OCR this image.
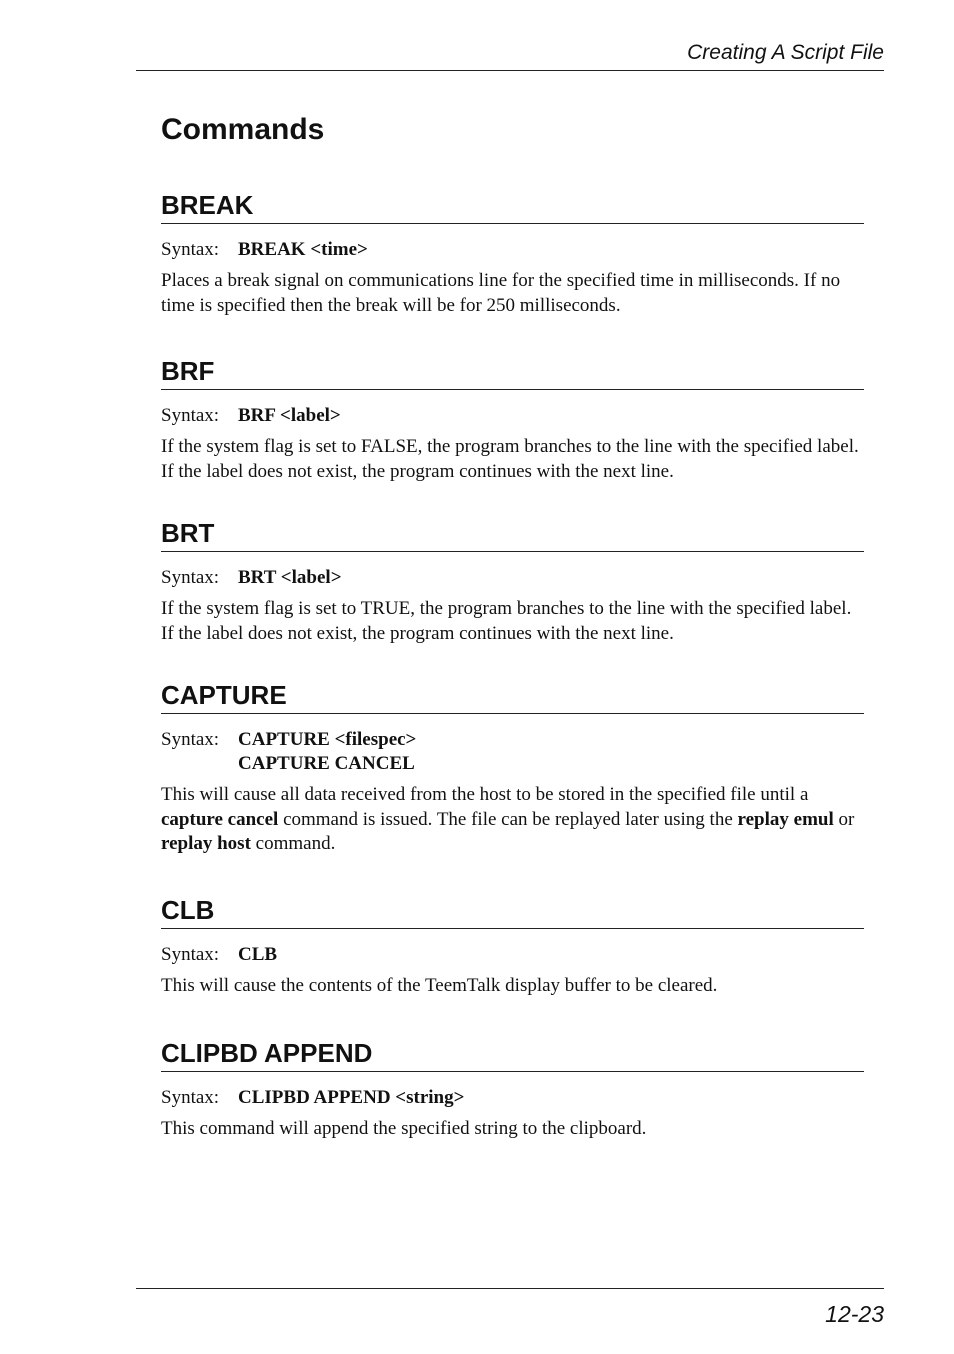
Creating A Script File
Commands
BREAK
Syntax: BREAK <time>

Places a break signal on communications line for the specified time in milliseconds. If no time is specified then the break will be for 250 milliseconds.

BRF
Syntax: BRF <label>

If the system flag is set to FALSE, the program branches to the line with the specified label. If the label does not exist, the program continues with the next line.

BRT
Syntax: BRT <label>

If the system flag is set to TRUE, the program branches to the line with the specified label. If the label does not exist, the program continues with the next line.

CAPTURE
Syntax: CAPTURE <filespec>
CAPTURE CANCEL

This will cause all data received from the host to be stored in the specified file until a capture cancel command is issued. The file can be replayed later using the replay emul or replay host command.

CLB
Syntax: CLB

This will cause the contents of the TeemTalk display buffer to be cleared.

CLIPBD APPEND
Syntax: CLIPBD APPEND <string>

This command will append the specified string to the clipboard.

12-23
